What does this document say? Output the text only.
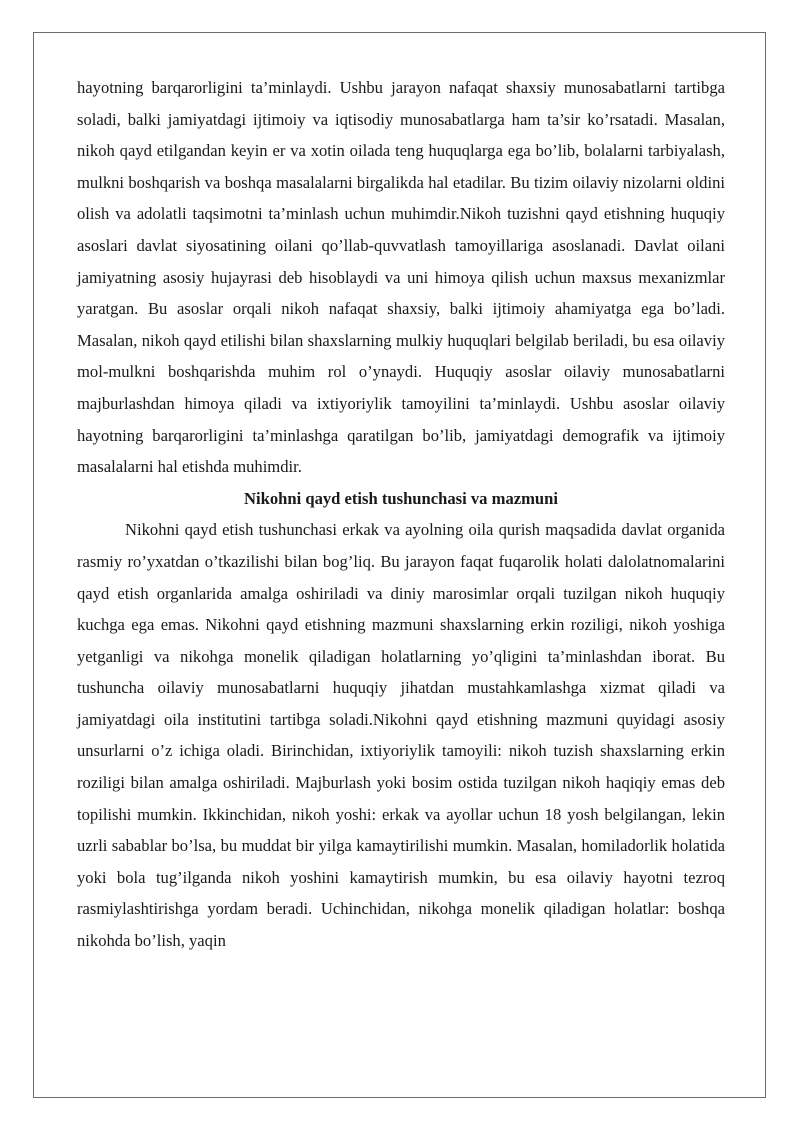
hayotning barqarorligini ta’minlaydi. Ushbu jarayon nafaqat shaxsiy munosabatlarni tartibga soladi, balki jamiyatdagi ijtimoiy va iqtisodiy munosabatlarga ham ta’sir ko’rsatadi. Masalan, nikoh qayd etilgandan keyin er va xotin oilada teng huquqlarga ega bo’lib, bolalarni tarbiyalash, mulkni boshqarish va boshqa masalalarni birgalikda hal etadilar. Bu tizim oilaviy nizolarni oldini olish va adolatli taqsimotni ta’minlash uchun muhimdir.Nikoh tuzishni qayd etishning huquqiy asoslari davlat siyosatining oilani qo’llab-quvvatlash tamoyillariga asoslanadi. Davlat oilani jamiyatning asosiy hujayrasi deb hisoblaydi va uni himoya qilish uchun maxsus mexanizmlar yaratgan. Bu asoslar orqali nikoh nafaqat shaxsiy, balki ijtimoiy ahamiyatga ega bo’ladi. Masalan, nikoh qayd etilishi bilan shaxslarning mulkiy huquqlari belgilab beriladi, bu esa oilaviy mol-mulkni boshqarishda muhim rol o’ynaydi. Huquqiy asoslar oilaviy munosabatlarni majburlashdan himoya qiladi va ixtiyoriylik tamoyilini ta’minlaydi. Ushbu asoslar oilaviy hayotning barqarorligini ta’minlashga qaratilgan bo’lib, jamiyatdagi demografik va ijtimoiy masalalarni hal etishda muhimdir.

Nikohni qayd etish tushunchasi va mazmuni

Nikohni qayd etish tushunchasi erkak va ayolning oila qurish maqsadida davlat organida rasmiy ro’yxatdan o’tkazilishi bilan bog’liq. Bu jarayon faqat fuqarolik holati dalolatnomalarini qayd etish organlarida amalga oshiriladi va diniy marosimlar orqali tuzilgan nikoh huquqiy kuchga ega emas. Nikohni qayd etishning mazmuni shaxslarning erkin roziligi, nikoh yoshiga yetganligi va nikohga monelik qiladigan holatlarning yo’qligini ta’minlashdan iborat. Bu tushuncha oilaviy munosabatlarni huquqiy jihatdan mustahkamlashga xizmat qiladi va jamiyatdagi oila institutini tartibga soladi.Nikohni qayd etishning mazmuni quyidagi asosiy unsurlarni o’z ichiga oladi. Birinchidan, ixtiyoriylik tamoyili: nikoh tuzish shaxslarning erkin roziligi bilan amalga oshiriladi. Majburlash yoki bosim ostida tuzilgan nikoh haqiqiy emas deb topilishi mumkin. Ikkinchidan, nikoh yoshi: erkak va ayollar uchun 18 yosh belgilangan, lekin uzrli sabablar bo’lsa, bu muddat bir yilga kamaytirilishi mumkin. Masalan, homiladorlik holatida yoki bola tug’ilganda nikoh yoshini kamaytirish mumkin, bu esa oilaviy hayotni tezroq rasmiylashtirishga yordam beradi. Uchinchidan, nikohga monelik qiladigan holatlar: boshqa nikohda bo’lish, yaqin
